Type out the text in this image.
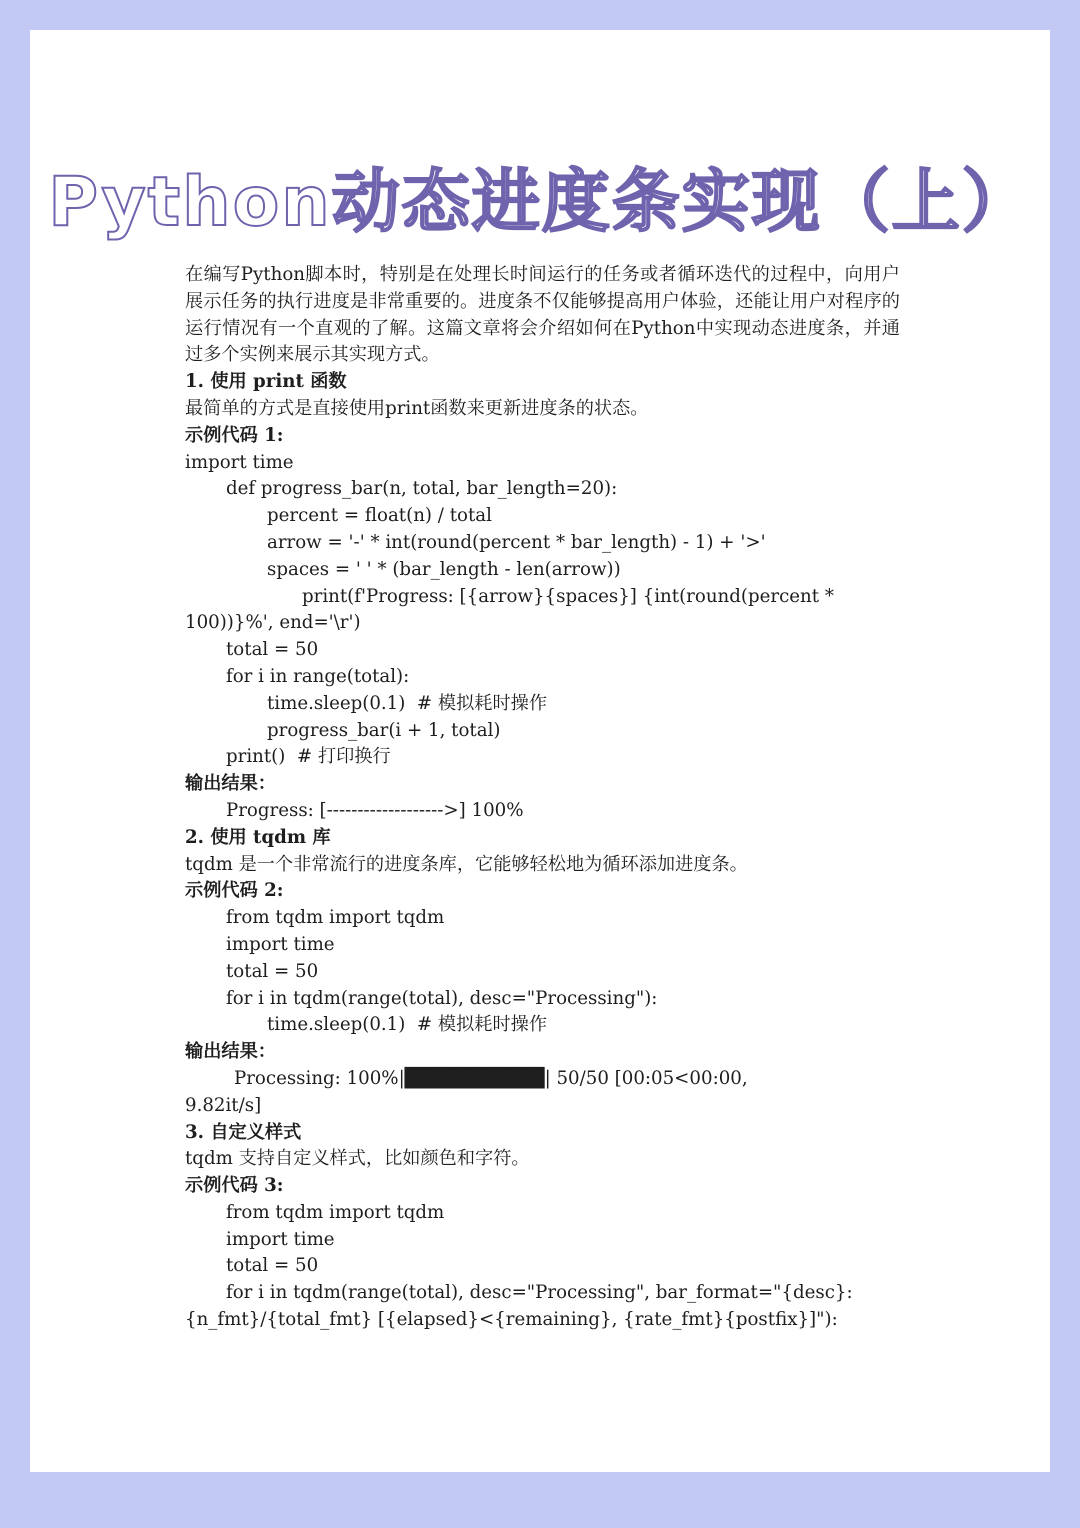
Python动态进度条实现（上）

在编写Python脚本时，特别是在处理长时间运行的任务或者循环迭代的过程中，向用户展示任务的执行进度是非常重要的。进度条不仅能够提高用户体验，还能让用户对程序的运行情况有一个直观的了解。这篇文章将会介绍如何在Python中实现动态进度条，并通过多个实例来展示其实现方式。

1. 使用 print 函数

最简单的方式是直接使用print函数来更新进度条的状态。

示例代码 1:

import time

def progress_bar(n, total, bar_length=20):

percent = float(n) / total

arrow = '-' * int(round(percent * bar_length) - 1) + '>'

spaces = ' ' * (bar_length - len(arrow))

print(f'Progress: [{arrow}{spaces}] {int(round(percent *

100))}%', end='\r')

total = 50

for i in range(total):

time.sleep(0.1)  # 模拟耗时操作

progress_bar(i + 1, total)

print()  # 打印换行

输出结果：

Progress: [------------------->] 100%

2. 使用 tqdm 库

tqdm 是一个非常流行的进度条库，它能够轻松地为循环添加进度条。

示例代码 2:

from tqdm import tqdm

import time

total = 50

for i in tqdm(range(total), desc="Processing"):

time.sleep(0.1)  # 模拟耗时操作

输出结果：

Processing: 100%|██████████| 50/50 [00:05<00:00,

9.82it/s]

3. 自定义样式

tqdm 支持自定义样式，比如颜色和字符。

示例代码 3:

from tqdm import tqdm

import time

total = 50

for i in tqdm(range(total), desc="Processing", bar_format="{desc}:

{n_fmt}/{total_fmt} [{elapsed}<{remaining}, {rate_fmt}{postfix}]"):
